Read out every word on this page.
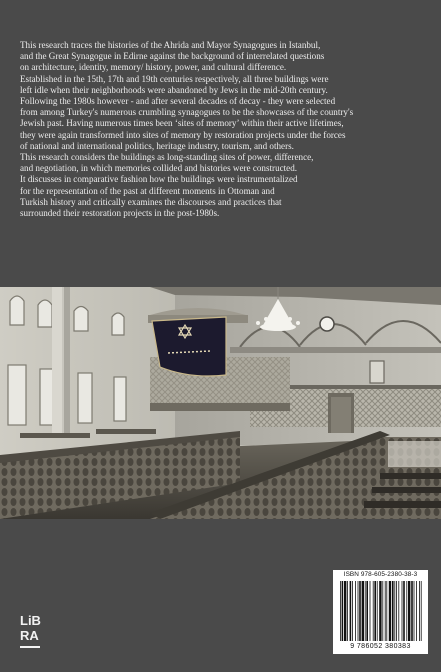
This research traces the histories of the Ahrida and Mayor Synagogues in Istanbul,

and the Great Synagogue in Edirne against the background of interrelated questions

on architecture, identity, memory/ history, power, and cultural difference.

Established in the 15th, 17th and 19th centuries respectively, all three buildings were

left idle when their neighborhoods were abandoned by Jews in the mid-20th century.

Following the 1980s however - and after several decades of decay - they were selected

from among Turkey's numerous crumbling synagogues to be the showcases of the country's

Jewish past. Having numerous times been ‘sites of memory’ within their active lifetimes,

they were again transformed into sites of memory by restoration projects under the forces

of national and international politics, heritage industry, tourism, and others.

This research considers the buildings as long-standing sites of power, difference,

and negotiation, in which memories collided and histories were constructed.

It discusses in comparative fashion how the buildings were instrumentalized

for the representation of the past at different moments in Ottoman and

Turkish history and critically examines the discourses and practices that

surrounded their restoration projects in the post-1980s.

ISBN 978-605-2380-38-3
9 786052 380383
LiB
RA
